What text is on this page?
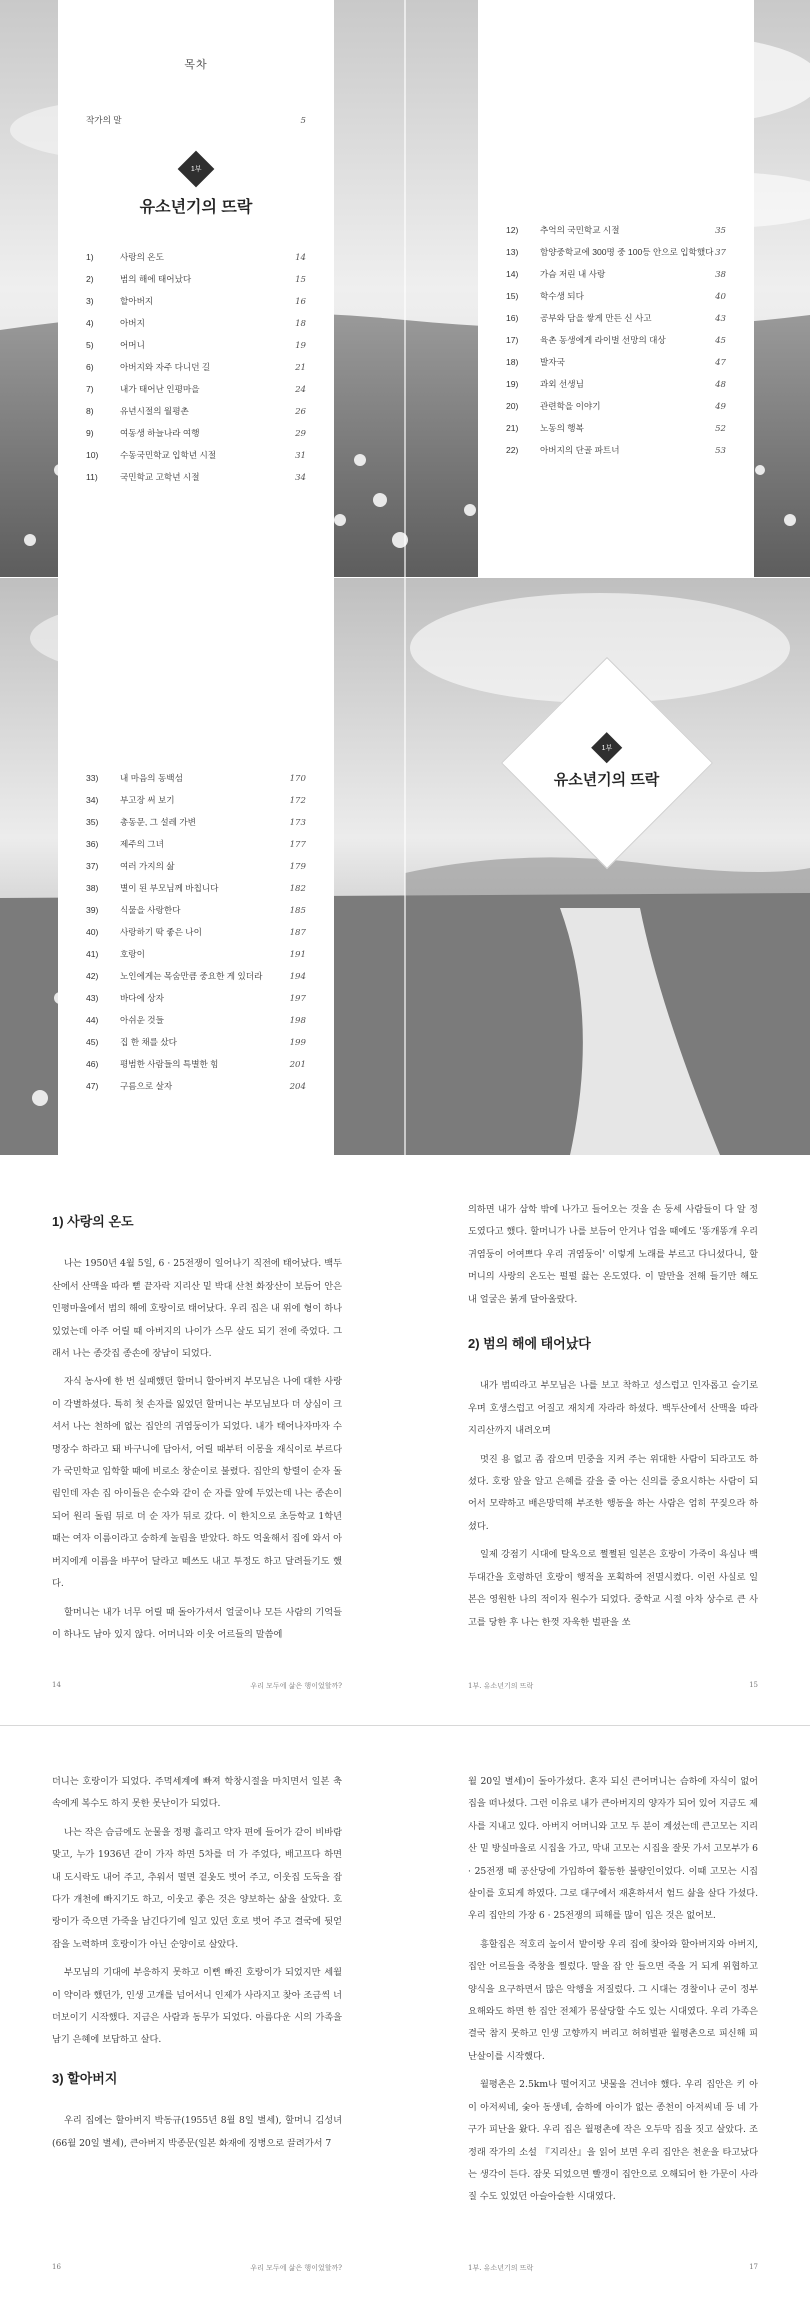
목차
작가의 말	5
1부
유소년기의 뜨락
1)	사랑의 온도	14
2)	범의 해에 태어났다	15
3)	할아버지	16
4)	아버지	18
5)	어머니	19
6)	아버지와 자주 다니던 길	21
7)	내가 태어난 인평마을	24
8)	유년시절의 월평촌	26
9)	여동생 하늘나라 여행	29
10)	수동국민학교 입학년 시절	31
11)	국민학교 고학년 시절	34
12)	추억의 국민학교 시절	35
13)	함양중학교에 300명 중 100등 안으로 입학했다 37
14)	가슴 저린 내 사랑	38
15)	학수생 되다	40
16)	공부와 담을 쌓게 만든 신 사고	43
17)	육촌 동생에게 라이벌 선망의 대상	45
18)	발자국	47
19)	과외 선생님	48
20)	관련학을 이야기	49
21)	노동의 행복	52
22)	아버지의 단골 파트너	53
33)	내 마음의 동백섬	170
34)	부고장 써 보기	172
35)	총동문, 그 설레 가변	173
36)	제주의 그녀	177
37)	여러 가지의 삶	179
38)	별이 된 부모님께 바칩니다	182
39)	식물을 사랑한다	185
40)	사랑하기 딱 좋은 나이	187
41)	호랑이	191
42)	노인에게는 목숨만큼 중요한 게 있더라	194
43)	바다에 상자	197
44)	아쉬운 것들	198
45)	집 한 채를 샀다	199
46)	평범한 사람들의 특별한 힘	201
47)	구름으로 살자	204
1부
유소년기의 뜨락
1) 사랑의 온도

나는 1950년 4월 5일, 6 · 25전쟁이 일어나기 직전에 태어났다. 백두산에서 산맥을 따라 뻗 끝자락 지리산 밑 박대 산천 화장산이 보듬어 안은 인평마을에서 범의 해에 호랑이로 태어났다. 우리 집은 내 위에 형이 하나 있었는데 아주 어릴 때 아버지의 나이가 스무 살도 되기 전에 죽었다. 그래서 나는 종갓집 종손에 장남이 되었다.

자식 농사에 한 번 실패했던 할머니 할아버지 부모님은 나에 대한 사랑이 각별하셨다. 특히 첫 손자를 잃었던 할머니는 부모님보다 더 상심이 크셔서 나는 천하에 없는 집안의 귀염둥이가 되었다. 내가 태어나자마자 수명장수 하라고 돼 바구니에 담아서, 어릴 때부터 이몽을 재식이로 부르다가 국민학교 입학할 때에 비로소 창순이로 불렸다. 집안의 항렬이 순자 돌림인데 자손 집 아이들은 순수와 같이 순 자를 앞에 두었는데 나는 종손이 되어 원리 돌림 뒤로 더 순 자가 뒤로 갔다. 이 한치으로 초등학교 1학년 때는 여자 이름이라고 숭하게 놀림을 받았다. 하도 억울해서 집에 와서 아버지에게 이름을 바꾸어 달라고 떼쓰도 내고 투정도 하고 달려들기도 했다.

할머니는 내가 너무 어릴 때 돌아가셔서 얼굴이나 모든 사람의 기억들이 하나도 남아 있지 않다. 어머니와 이웃 어르들의 말씀에

의하면 내가 삼학 밖에 나가고 들어오는 것을 손 둥세 사람들이 다 알 정도였다고 했다. 할머니가 나를 보듬어 안거나 업을 때에도 '똥개똥개 우리 귀염둥이 어여쁘다 우리 귀염둥이' 이렇게 노래를 부르고 다니셨다니, 할머니의 사랑의 온도는 펄펄 끓는 온도였다. 이 말만을 전해 들기만 해도 내 얼굴은 붉게 달아올랐다.

2) 범의 해에 태어났다

내가 범띠라고 부모님은 나를 보고 착하고 성스럽고 인자롭고 슬기로우며 호생스럽고 어질고 재치게 자라라 하셨다. 백두산에서 산맥을 따라 지리산까지 내려오며

멋진 용 없고 좀 잡으며 민중을 지켜 주는 위대한 사람이 되라고도 하셨다. 호랑 앞을 알고 은혜를 갚을 줄 아는 신의를 중요시하는 사람이 되어서 모략하고 배은망덕해 부조한 행동을 하는 사람은 엄히 꾸짖으라 하셨다.

일제 강점기 시대에 탈옥으로 쩔쩔된 일본은 호랑이 가죽이 욕심나 백두대간을 호령하던 호랑이 행적을 포획하여 전멸시켰다. 이런 사실로 일본은 영원한 나의 적이자 원수가 되었다. 중학교 시절 아차 상수로 큰 사고를 당한 후 나는 한껏 자욱한 벌판을 쏘

14	우리 모두에 삶은 행이었할까?	1부. 유소년기의 뜨락	15

더니는 호랑이가 되었다. 주먹세계에 빠져 학창시절을 마치면서 일본 축속에게 복수도 하지 못한 못난이가 되었다.

나는 작은 슴금에도 눈물을 정평 흘리고 약자 편에 들어가 같이 비바람 맞고, 누가 1936년 같이 가자 하면 5차를 더 가 주었다, 배고프다 하면 내 도시락도 내어 주고, 추워서 떨면 겉옷도 벗어 주고, 이웃집 도둑을 잡다가 개천에 빠지기도 하고, 이웃고 좋은 것은 양보하는 삶을 살았다. 호랑이가 죽으면 가죽을 남긴다기에 일고 있던 호로 벗어 주고 결국에 뒷얻잡을 노력하며 호랑이가 아닌 순양이로 살았다.

부모님의 기대에 부응하지 못하고 이뻔 빠진 호랑이가 되었지만 세월이 약이라 했던가, 인생 고개를 넘어서니 인제가 사라지고 찾아 조금씩 너더보이기 시작했다. 지금은 사람과 동무가 되었다. 아름다운 시의 가족을 남기 은혜에 보답하고 살다.

3) 할아버지

우리 집에는 할아버지 박동규(1955년 8월 8일 별세), 할머니 김성녀(66월 20일 별세), 큰아버지 박종문(일본 화재에 징병으로 끌려가서 7

월 20일 별세)이 돌아가셨다. 혼자 되신 큰어머니는 슴하에 자식이 없어 집을 떠나셨다. 그런 이유로 내가 큰아버지의 양자가 되어 있어 지금도 제사를 지내고 있다. 아버지 어머니와 고모 두 분이 계셨는데 큰고모는 지리산 밑 방실마을로 시집을 가고, 막내 고모는 시집을 잘못 가서 고모부가 6 · 25전쟁 때 공산당에 가입하여 활동한 불량인이었다. 이때 고모는 시집살이를 호되게 하였다. 그로 대구에서 재혼하셔서 험드 삶을 살다 가셨다. 우리 집안의 가장 6 · 25전쟁의 피해를 많이 입은 것은 없어보.

흥할집은 적호리 높이서 밭이랑 우리 집에 찾아와 할아버지와 아버지, 집안 어르들을 죽창을 찔렀다. 딸을 잡 안 들으면 죽을 거 되게 위협하고 양식을 요구하면서 많은 악행을 저질렀다. 그 시대는 경찰이나 군이 정부 요해와도 하면 한 집안 전체가 몽살당할 수도 있는 시대였다. 우리 가족은 결국 참지 못하고 인생 고향까지 버리고 허허벌판 월평촌으로 피신해 피난살이를 시작했다.

월평촌은 2.5km나 떨어지고 냇물을 건너야 했다. 우리 집안은 키 아이 아저씨네, 숯아 동생네, 숨하에 아이가 없는 종천이 아저씨네 등 네 가구가 피난을 왔다. 우리 집은 월평촌에 작은 오두막 집을 짓고 살았다. 조정래 작가의 소설 『지리산』을 읽어 보면 우리 집안은 천운을 타고났다는 생각이 든다. 잠못 되었으면 빨갱이 집안으로 오해되어 한 가문이 사라질 수도 있었던 아슬아슬한 시대였다.

16	우리 모두에 삶은 행이었할까?	1부. 유소년기의 뜨락	17
